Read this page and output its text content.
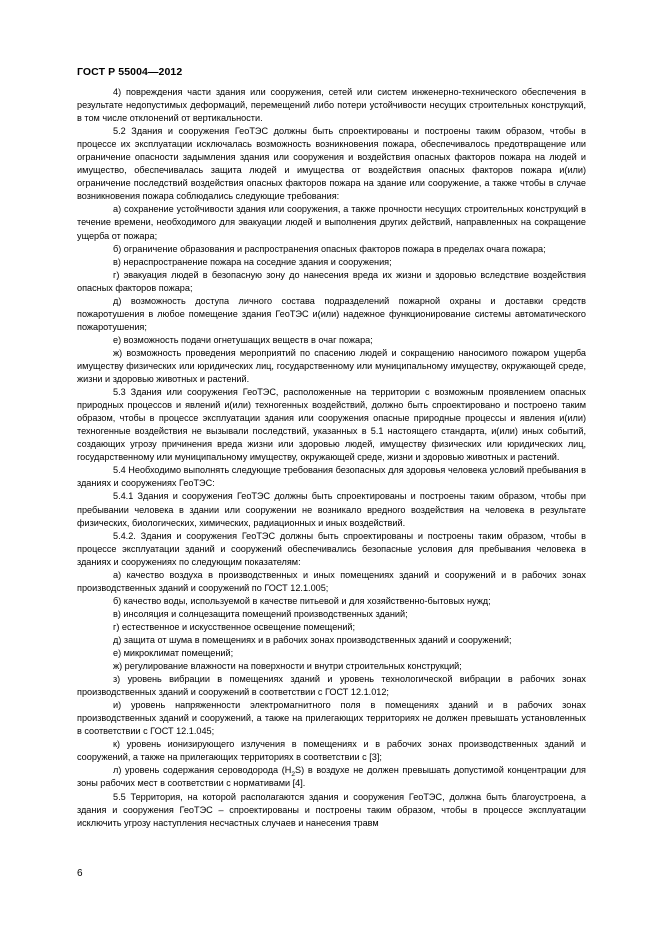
ГОСТ Р 55004—2012

4) повреждения части здания или сооружения, сетей или систем инженерно-технического обеспечения в результате недопустимых деформаций, перемещений либо потери устойчивости несущих строительных конструкций, в том числе отклонений от вертикальности.

5.2 Здания и сооружения ГеоТЭС должны быть спроектированы и построены таким образом, чтобы в процессе их эксплуатации исключалась возможность возникновения пожара, обеспечивалось предотвращение или ограничение опасности задымления здания или сооружения и воздействия опасных факторов пожара на людей и имущество, обеспечивалась защита людей и имущества от воздействия опасных факторов пожара и(или) ограничение последствий воздействия опасных факторов пожара на здание или сооружение, а также чтобы в случае возникновения пожара соблюдались следующие требования:

а) сохранение устойчивости здания или сооружения, а также прочности несущих строительных конструкций в течение времени, необходимого для эвакуации людей и выполнения других действий, направленных на сокращение ущерба от пожара;

б) ограничение образования и распространения опасных факторов пожара в пределах очага пожара;

в) нераспространение пожара на соседние здания и сооружения;

г) эвакуация людей в безопасную зону до нанесения вреда их жизни и здоровью вследствие воздействия опасных факторов пожара;

д) возможность доступа личного состава подразделений пожарной охраны и доставки средств пожаротушения в любое помещение здания ГеоТЭС и(или) надежное функционирование системы автоматического пожаротушения;

е) возможность подачи огнетушащих веществ в очаг пожара;

ж) возможность проведения мероприятий по спасению людей и сокращению наносимого пожаром ущерба имуществу физических или юридических лиц, государственному или муниципальному имуществу, окружающей среде, жизни и здоровью животных и растений.

5.3 Здания или сооружения ГеоТЭС, расположенные на территории с возможным проявлением опасных природных процессов и явлений и(или) техногенных воздействий, должно быть спроектировано и построено таким образом, чтобы в процессе эксплуатации здания или сооружения опасные природные процессы и явления и(или) техногенные воздействия не вызывали последствий, указанных в 5.1 настоящего стандарта, и(или) иных событий, создающих угрозу причинения вреда жизни или здоровью людей, имуществу физических или юридических лиц, государственному или муниципальному имуществу, окружающей среде, жизни и здоровью животных и растений.

5.4 Необходимо выполнять следующие требования безопасных для здоровья человека условий пребывания в зданиях и сооружениях ГеоТЭС:

5.4.1 Здания и сооружения ГеоТЭС должны быть спроектированы и построены таким образом, чтобы при пребывании человека в здании или сооружении не возникало вредного воздействия на человека в результате физических, биологических, химических, радиационных и иных воздействий.

5.4.2. Здания и сооружения ГеоТЭС должны быть спроектированы и построены таким образом, чтобы в процессе эксплуатации зданий и сооружений обеспечивались безопасные условия для пребывания человека в зданиях и сооружениях по следующим показателям:

а) качество воздуха в производственных и иных помещениях зданий и сооружений и в рабочих зонах производственных зданий и сооружений по ГОСТ 12.1.005;

б) качество воды, используемой в качестве питьевой и для хозяйственно-бытовых нужд;

в) инсоляция и солнцезащита помещений производственных зданий;

г) естественное и искусственное освещение помещений;

д) защита от шума в помещениях и в рабочих зонах производственных зданий и сооружений;

е) микроклимат помещений;

ж) регулирование влажности на поверхности и внутри строительных конструкций;

з) уровень вибрации в помещениях зданий и уровень технологической вибрации в рабочих зонах производственных зданий и сооружений в соответствии с ГОСТ 12.1.012;

и) уровень напряженности электромагнитного поля в помещениях зданий и в рабочих зонах производственных зданий и сооружений, а также на прилегающих территориях не должен превышать установленных в соответствии с ГОСТ 12.1.045;

к) уровень ионизирующего излучения в помещениях и в рабочих зонах производственных зданий и сооружений, а также на прилегающих территориях в соответствии с [3];

л) уровень содержания сероводорода $(H_2S)$ в воздухе не должен превышать допустимой концентрации для зоны рабочих мест в соответствии с нормативами [4].

5.5 Территория, на которой располагаются здания и сооружения ГеоТЭС, должна быть благоустроена, а здания и сооружения ГеоТЭС – спроектированы и построены таким образом, чтобы в процессе эксплуатации исключить угрозу наступления несчастных случаев и нанесения травм

6
